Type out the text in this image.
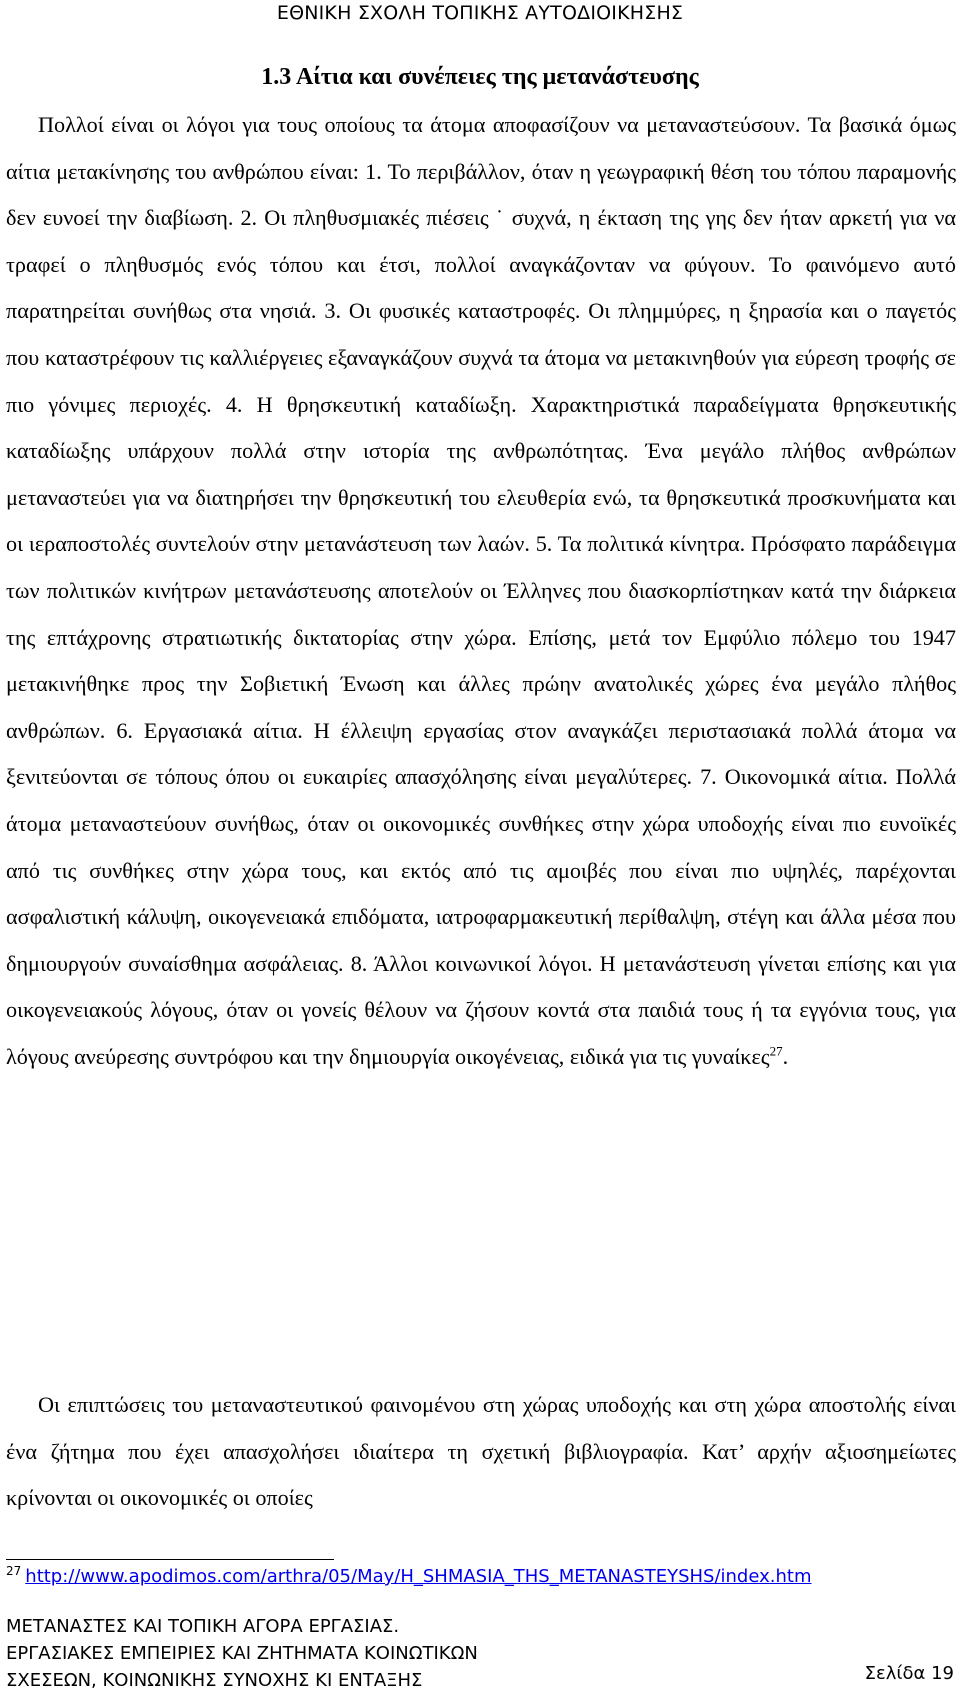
ΕΘΝΙΚΗ ΣΧΟΛΗ ΤΟΠΙΚΗΣ ΑΥΤΟΔΙΟΙΚΗΣΗΣ
1.3 Αίτια και συνέπειες της μετανάστευσης

Πολλοί είναι οι λόγοι για τους οποίους τα άτομα αποφασίζουν να μεταναστεύσουν. Τα βασικά όμως αίτια μετακίνησης του ανθρώπου είναι: 1. Το περιβάλλον, όταν η γεωγραφική θέση του τόπου παραμονής δεν ευνοεί την διαβίωση. 2. Οι πληθυσμιακές πιέσεις ˙ συχνά, η έκταση της γης δεν ήταν αρκετή για να τραφεί ο πληθυσμός ενός τόπου και έτσι, πολλοί αναγκάζονταν να φύγουν. Το φαινόμενο αυτό παρατηρείται συνήθως στα νησιά. 3. Οι φυσικές καταστροφές. Οι πλημμύρες, η ξηρασία και ο παγετός που καταστρέφουν τις καλλιέργειες εξαναγκάζουν συχνά τα άτομα να μετακινηθούν για εύρεση τροφής σε πιο γόνιμες περιοχές. 4. Η θρησκευτική καταδίωξη. Χαρακτηριστικά παραδείγματα θρησκευτικής καταδίωξης υπάρχουν πολλά στην ιστορία της ανθρωπότητας. Ένα μεγάλο πλήθος ανθρώπων μεταναστεύει για να διατηρήσει την θρησκευτική του ελευθερία ενώ, τα θρησκευτικά προσκυνήματα και οι ιεραποστολές συντελούν στην μετανάστευση των λαών. 5. Τα πολιτικά κίνητρα. Πρόσφατο παράδειγμα των πολιτικών κινήτρων μετανάστευσης αποτελούν οι Έλληνες που διασκορπίστηκαν κατά την διάρκεια της επτάχρονης στρατιωτικής δικτατορίας στην χώρα. Επίσης, μετά τον Εμφύλιο πόλεμο του 1947 μετακινήθηκε προς την Σοβιετική Ένωση και άλλες πρώην ανατολικές χώρες ένα μεγάλο πλήθος ανθρώπων. 6. Εργασιακά αίτια. Η έλλειψη εργασίας στον αναγκάζει περιστασιακά πολλά άτομα να ξενιτεύονται σε τόπους όπου οι ευκαιρίες απασχόλησης είναι μεγαλύτερες. 7. Οικονομικά αίτια. Πολλά άτομα μεταναστεύουν συνήθως, όταν οι οικονομικές συνθήκες στην χώρα υποδοχής είναι πιο ευνοϊκές από τις συνθήκες στην χώρα τους, και εκτός από τις αμοιβές που είναι πιο υψηλές, παρέχονται ασφαλιστική κάλυψη, οικογενειακά επιδόματα, ιατροφαρμακευτική περίθαλψη, στέγη και άλλα μέσα που δημιουργούν συναίσθημα ασφάλειας. 8. Άλλοι κοινωνικοί λόγοι. Η μετανάστευση γίνεται επίσης και για οικογενειακούς λόγους, όταν οι γονείς θέλουν να ζήσουν κοντά στα παιδιά τους ή τα εγγόνια τους, για λόγους ανεύρεσης συντρόφου και την δημιουργία οικογένειας, ειδικά για τις γυναίκες$^{27}$.

Οι επιπτώσεις του μεταναστευτικού φαινομένου στη χώρας υποδοχής και στη χώρα αποστολής είναι ένα ζήτημα που έχει απασχολήσει ιδιαίτερα τη σχετική βιβλιογραφία. Κατ’ αρχήν αξιοσημείωτες κρίνονται οι οικονομικές οι οποίες

$^{27}$ http://www.apodimos.com/arthra/05/May/H_SHMASIA_THS_METANASTEYSHS/index.htm
ΜΕΤΑΝΑΣΤΕΣ ΚΑΙ ΤΟΠΙΚΗ ΑΓΟΡΑ ΕΡΓΑΣΙΑΣ.
ΕΡΓΑΣΙΑΚΕΣ ΕΜΠΕΙΡΙΕΣ ΚΑΙ ΖΗΤΗΜΑΤΑ ΚΟΙΝΩΤΙΚΩΝ
ΣΧΕΣΕΩΝ, ΚΟΙΝΩΝΙΚΗΣ ΣΥΝΟΧΗΣ ΚΙ ΕΝΤΑΞΗΣ	Σελίδα 19
